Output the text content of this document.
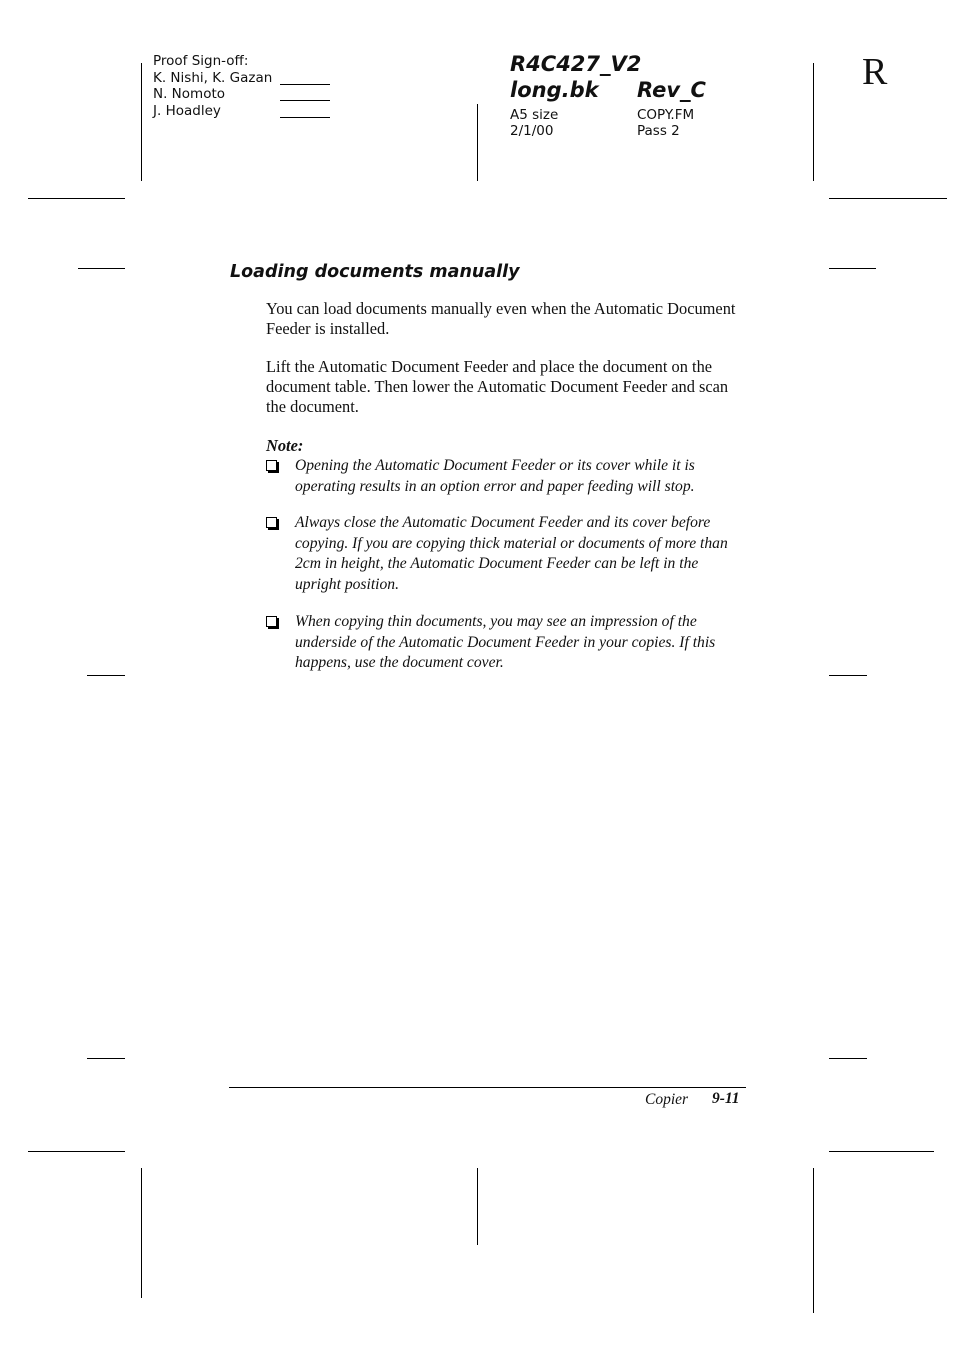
Proof Sign-off:
K. Nishi, K. Gazan
N. Nomoto
J. Hoadley
R4C427_V2
long.bk Rev_C
A5 size
2/1/00
COPY.FM
Pass 2
R
Loading documents manually
You can load documents manually even when the Automatic Document Feeder is installed.
Lift the Automatic Document Feeder and place the document on the document table. Then lower the Automatic Document Feeder and scan the document.
Note:
Opening the Automatic Document Feeder or its cover while it is operating results in an option error and paper feeding will stop.
Always close the Automatic Document Feeder and its cover before copying. If you are copying thick material or documents of more than 2cm in height, the Automatic Document Feeder can be left in the upright position.
When copying thin documents, you may see an impression of the underside of the Automatic Document Feeder in your copies. If this happens, use the document cover.
Copier 9-11
